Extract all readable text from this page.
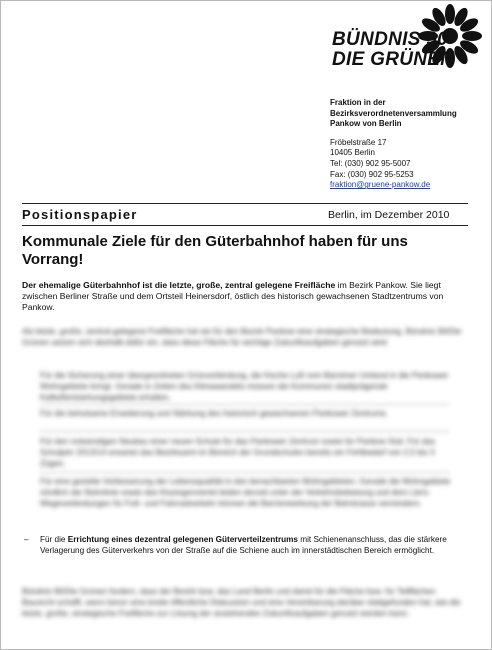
BÜNDNIS 90
DIE GRÜNEN
Fraktion in der
Bezirksverordnetenversammlung
Pankow von Berlin
Fröbelstraße 17
10405 Berlin
Tel: (030) 902 95-5007
Fax: (030) 902 95-5253
fraktion@gruene-pankow.de
Positionspapier	Berlin, im Dezember 2010
Kommunale Ziele für den Güterbahnhof haben für uns Vorrang!
Der ehemalige Güterbahnhof ist die letzte, große, zentral gelegene Freifläche im Bezirk Pankow. Sie liegt zwischen Berliner Straße und dem Ortsteil Heinersdorf, östlich des historisch gewachsenen Stadtzentrums von Pankow.
Als letzte, große, zentral gelegene Freifläche hat sie für den Bezirk Pankow eine strategische Bedeutung. Bündnis 90/Die Grünen setzen sich deshalb dafür ein, dass diese Fläche für wichtige Zukunftsaufgaben genutzt wird:
Für die Sicherung einer übergeordneten Grünverbindung, die frische Luft vom Barnimer Umland in die Pankower Wohngebiete bringt. Gerade in Zeiten des Klimawandels müssen die Kommunen stadtprägende Kaltluftentstehungsgebiete erhalten.
Für die behutsame Erweiterung und Stärkung des historisch gewachsenen Pankower Zentrums.
Für den notwendigen Neubau einer neuen Schule für das Pankower Zentrum sowie für Pankow Süd. Für das Schuljahr 2013/14 erwartet das Bezirksamt im Bereich der Grundschulen bereits ein Fehlbedarf von 2,5 bis 3 Zügen.
Für eine gezielte Verbesserung der Lebensqualität in den benachbarten Wohngebieten. Gerade die Wohngebiete nördlich der Bahnlinie sowie das Kissingenviertel leiden derzeit unter der Verkehrsbelastung und dem Lärm. Wegeverbindungen für Fuß- und Fahrradverkehr können die Barrierewirkung der Bahntrasse vermindern.
– Für die Errichtung eines dezentral gelegenen Güterverteilzentrums mit Schienenanschluss, das die stärkere Verlagerung des Güterverkehrs von der Straße auf die Schiene auch im innerstädtischen Bereich ermöglicht.
Bündnis 90/Die Grünen fordern, dass der Bezirk bzw. das Land Berlin und damit für die Fläche bzw. für Teilflächen Baurecht schafft, wenn bevor eine breite öffentliche Diskussion und eine Vereinbarung darüber stattgefunden hat, wie die letzte, große, strategische Freifläche zur Lösung der anstehenden Zukunftsaufgaben genutzt werden kann.
